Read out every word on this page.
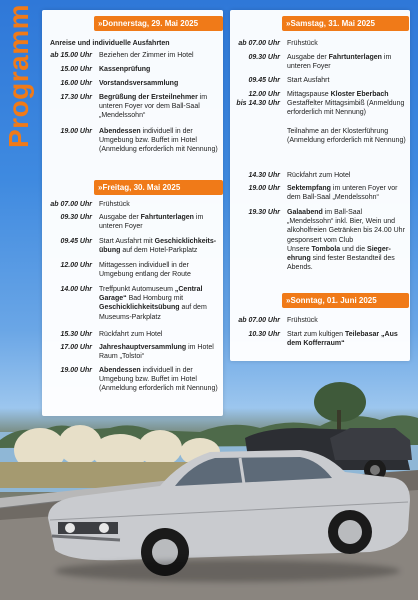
Programm	»Donnerstag, 29. Mai 2025
Anreise und individuelle Ausfahrten
ab 15.00 Uhr Beziehen der Zimmer im Hotel
15.00 Uhr Kassenprüfung
16.00 Uhr Vorstandsversammlung
17.30 Uhr Begrüßung der Ersteilnehmer im unteren Foyer vor dem Ball-Saal „Mendelssohn“
19.00 Uhr Abendessen individuell in der Umgebung bzw. Buffet im Hotel (Anmeldung erforderlich mit Nennung)
»Freitag, 30. Mai 2025
ab 07.00 Uhr Frühstück
09.30 Uhr Ausgabe der Fahrtunterlagen im unteren Foyer
09.45 Uhr Start Ausfahrt mit Geschicklichkeitsübung auf dem Hotel-Parkplatz
12.00 Uhr Mittagessen individuell in der Umgebung entlang der Route
14.00 Uhr Treffpunkt Automuseum „Central Garage“ Bad Homburg mit Geschicklichkeitsübung auf dem Museums-Parkplatz
15.30 Uhr Rückfahrt zum Hotel
17.00 Uhr Jahreshauptversammlung im Hotel Raum „Tolstoi“
19.00 Uhr Abendessen individuell in der Umgebung bzw. Buffet im Hotel (Anmeldung erforderlich mit Nennung)
»Samstag, 31. Mai 2025
ab 07.00 Uhr Frühstück
09.30 Uhr Ausgabe der Fahrtunterlagen im unteren Foyer
09.45 Uhr Start Ausfahrt
12.00 Uhr Mittagspause Kloster Eberbach
bis 14.30 Uhr Gestaffelter Mittagsimbiß (Anmeldung erforderlich mit Nennung)

Teilnahme an der Klosterführung (Anmeldung erforderlich mit Nennung)
14.30 Uhr Rückfahrt zum Hotel
19.00 Uhr Sektempfang im unteren Foyer vor dem Ball-Saal „Mendelssohn“
19.30 Uhr Galaabend im Ball-Saal „Mendelssohn“ inkl. Bier, Wein und alkoholfreien Getränken bis 24.00 Uhr gesponsert vom Club
Unsere Tombola und die Siegerehrung sind fester Bestandteil des Abends.
»Sonntag, 01. Juni 2025
ab 07.00 Uhr Frühstück
10.30 Uhr Start zum kultigen Teilebasar „Aus dem Kofferraum“
